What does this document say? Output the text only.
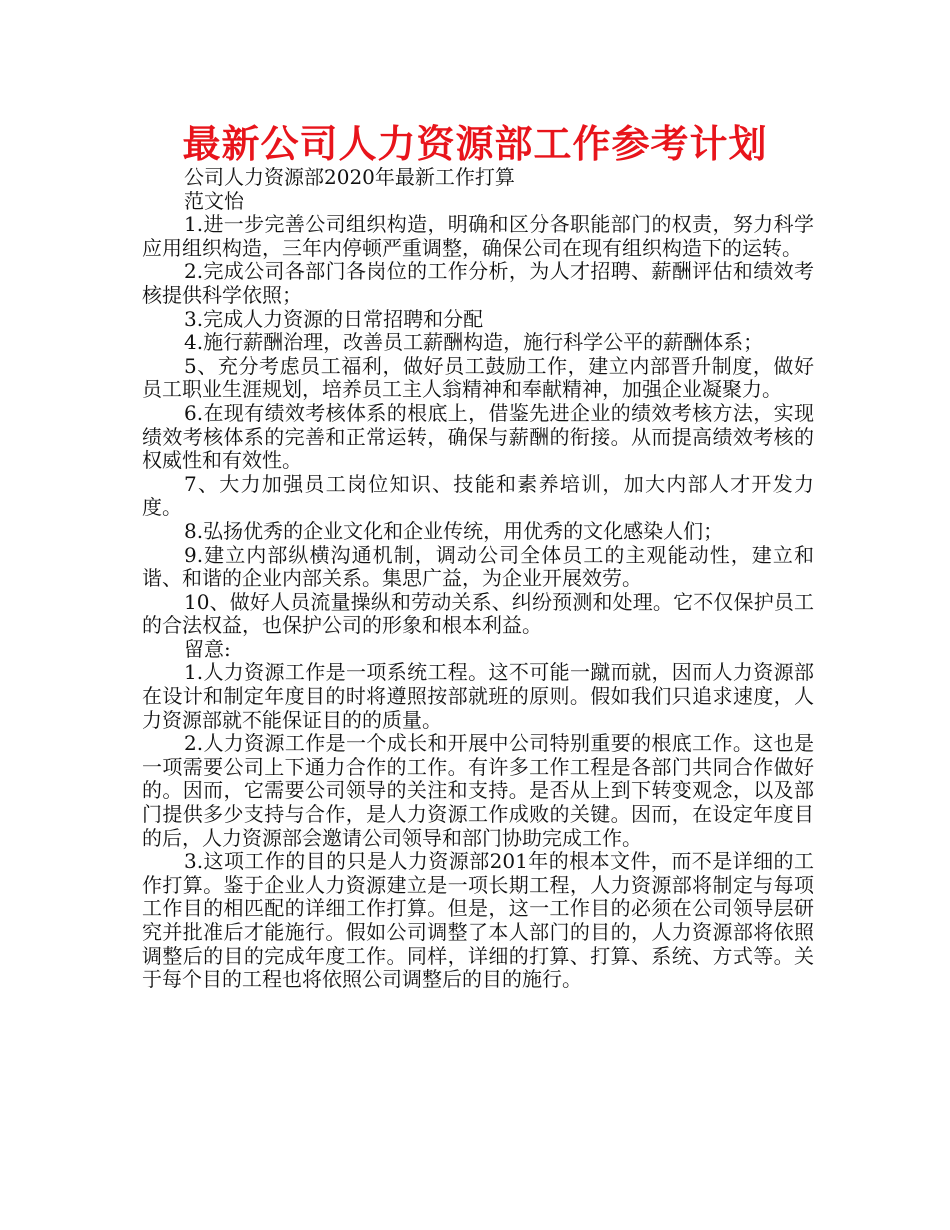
最新公司人力资源部工作参考计划

公司人力资源部2020年最新工作打算

范文怡

1.进一步完善公司组织构造，明确和区分各职能部门的权责，努力科学应用组织构造，三年内停顿严重调整，确保公司在现有组织构造下的运转。

2.完成公司各部门各岗位的工作分析，为人才招聘、薪酬评估和绩效考核提供科学依照；

3.完成人力资源的日常招聘和分配

4.施行薪酬治理，改善员工薪酬构造，施行科学公平的薪酬体系；

5、充分考虑员工福利，做好员工鼓励工作，建立内部晋升制度，做好员工职业生涯规划，培养员工主人翁精神和奉献精神，加强企业凝聚力。

6.在现有绩效考核体系的根底上，借鉴先进企业的绩效考核方法，实现绩效考核体系的完善和正常运转，确保与薪酬的衔接。从而提高绩效考核的权威性和有效性。

7、大力加强员工岗位知识、技能和素养培训，加大内部人才开发力度。

8.弘扬优秀的企业文化和企业传统，用优秀的文化感染人们；

9.建立内部纵横沟通机制，调动公司全体员工的主观能动性，建立和谐、和谐的企业内部关系。集思广益，为企业开展效劳。

10、做好人员流量操纵和劳动关系、纠纷预测和处理。它不仅保护员工的合法权益，也保护公司的形象和根本利益。

留意:

1.人力资源工作是一项系统工程。这不可能一蹴而就，因而人力资源部在设计和制定年度目的时将遵照按部就班的原则。假如我们只追求速度，人力资源部就不能保证目的的质量。

2.人力资源工作是一个成长和开展中公司特别重要的根底工作。这也是一项需要公司上下通力合作的工作。有许多工作工程是各部门共同合作做好的。因而，它需要公司领导的关注和支持。是否从上到下转变观念，以及部门提供多少支持与合作，是人力资源工作成败的关键。因而，在设定年度目的后，人力资源部会邀请公司领导和部门协助完成工作。

3.这项工作的目的只是人力资源部201年的根本文件，而不是详细的工作打算。鉴于企业人力资源建立是一项长期工程，人力资源部将制定与每项工作目的相匹配的详细工作打算。但是，这一工作目的必须在公司领导层研究并批准后才能施行。假如公司调整了本人部门的目的，人力资源部将依照调整后的目的完成年度工作。同样，详细的打算、打算、系统、方式等。关于每个目的工程也将依照公司调整后的目的施行。
